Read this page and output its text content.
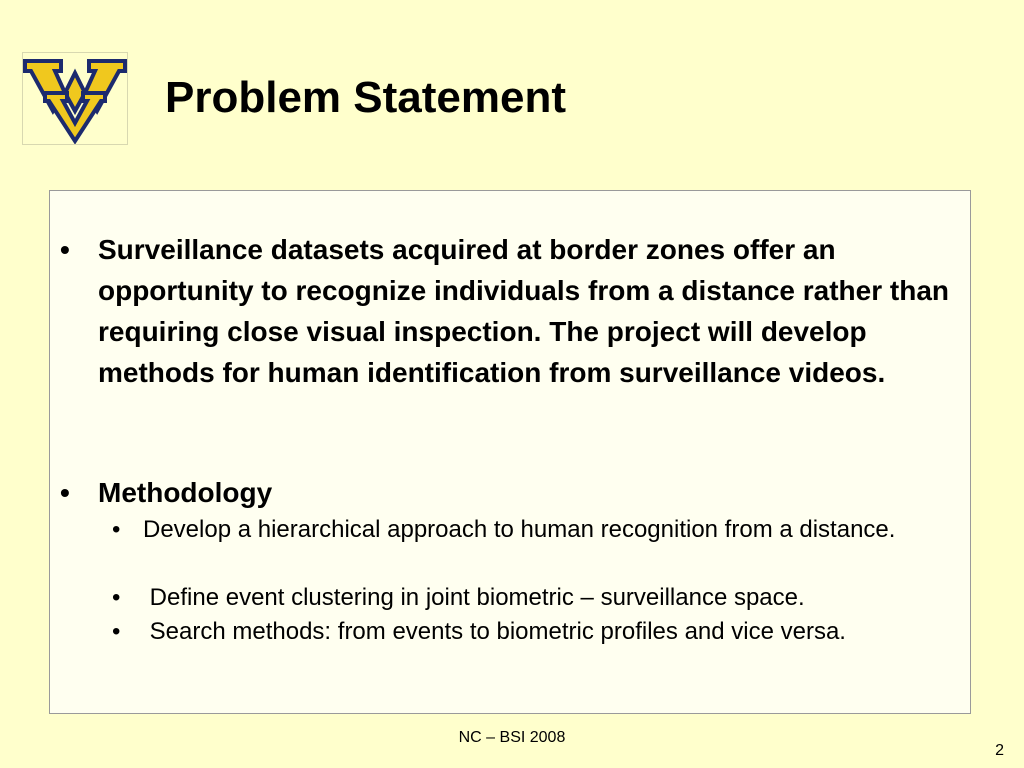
Problem Statement
• Surveillance datasets acquired at border zones offer an opportunity to recognize individuals from a distance rather than requiring close visual inspection. The project will develop methods for human identification from surveillance videos.
• Methodology
• Develop a hierarchical approach to human recognition from a distance.
• Define event clustering in joint biometric – surveillance space.
• Search methods: from events to biometric profiles and vice versa.
NC – BSI 2008
2
